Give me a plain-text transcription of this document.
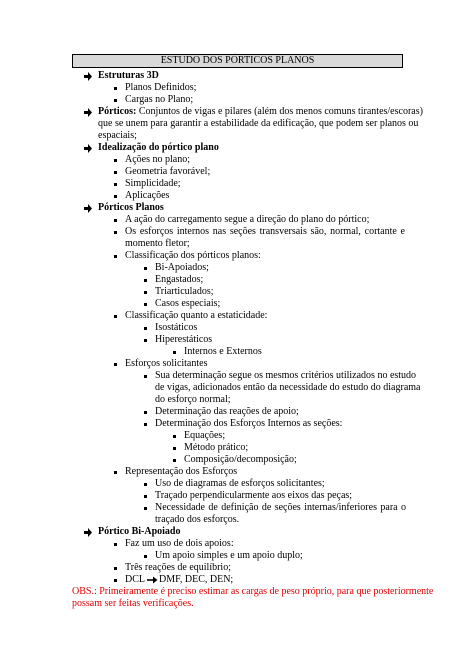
ESTUDO DOS PÓRTICOS PLANOS
Estruturas 3D
Planos Definidos;
Cargas no Plano;
Pórticos: Conjuntos de vigas e pilares (além dos menos comuns tirantes/escoras)
que se unem para garantir a estabilidade da edificação, que podem ser planos ou
espaciais;
Idealização do pórtico plano
Ações no plano;
Geometria favorável;
Simplicidade;
Aplicações
Pórticos Planos
A ação do carregamento segue a direção do plano do pórtico;
Os esforços internos nas seções transversais são, normal, cortante e
momento fletor;
Classificação dos pórticos planos:
Bi-Apoiados;
Engastados;
Triarticulados;
Casos especiais;
Classificação quanto a estaticidade:
Isostáticos
Hiperestáticos
Internos e Externos
Esforços solicitantes
Sua determinação segue os mesmos critérios utilizados no estudo
de vigas, adicionados então da necessidade do estudo do diagrama
do esforço normal;
Determinação das reações de apoio;
Determinação dos Esforços Internos as seções:
Equações;
Método prático;
Composição/decomposição;
Representação dos Esforços
Uso de diagramas de esforços solicitantes;
Traçado perpendicularmente aos eixos das peças;
Necessidade de definição de seções internas/inferiores para o
traçado dos esforços.
Pórtico Bi-Apoiado
Faz um uso de dois apoios:
Um apoio simples e um apoio duplo;
Três reações de equilíbrio;
DCL DMF, DEC, DEN;
OBS.: Primeiramente é preciso estimar as cargas de peso próprio, para que posteriormente
possam ser feitas verificações.
